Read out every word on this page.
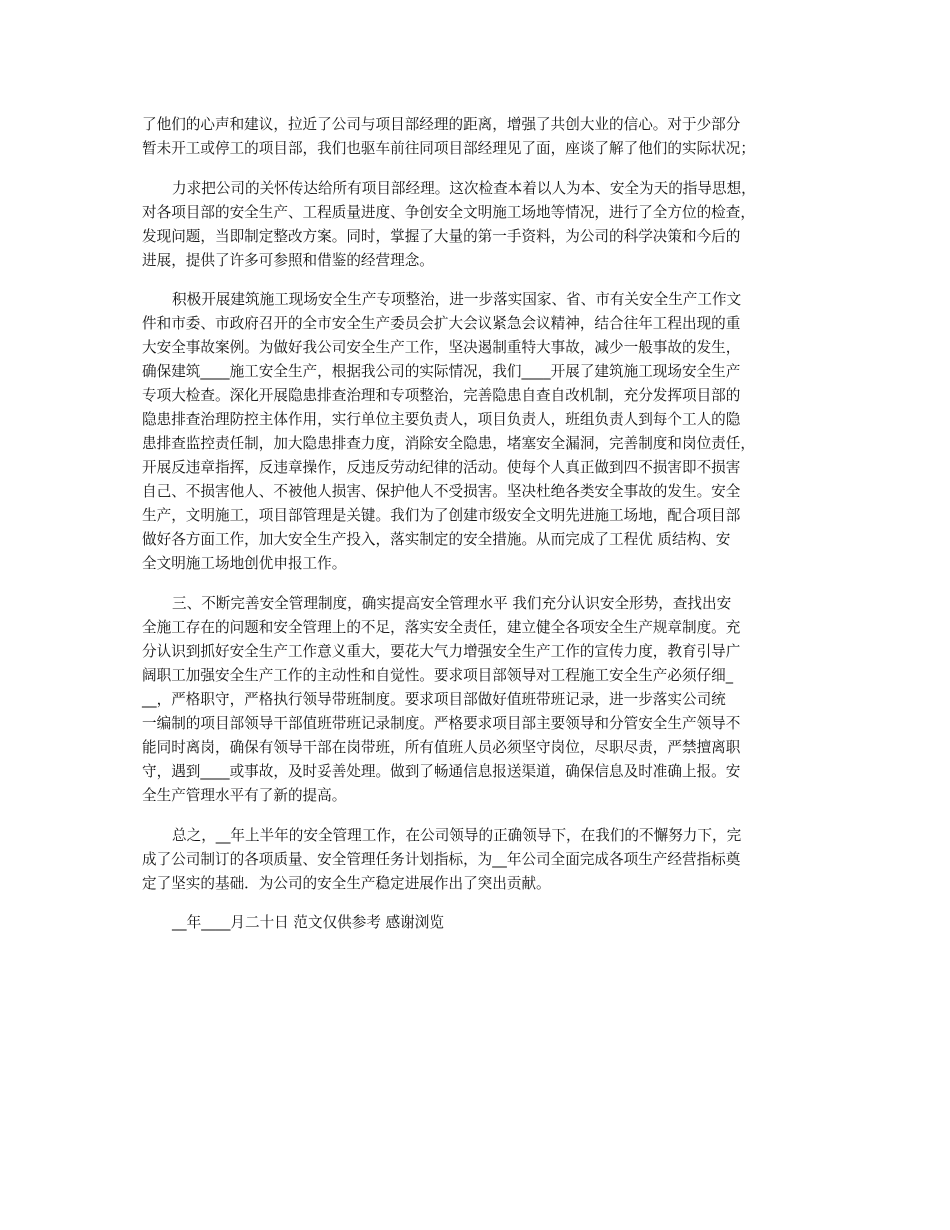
了他们的心声和建议，拉近了公司与项目部经理的距离，增强了共创大业的信心。对于少部分
暂未开工或停工的项目部，我们也驱车前往同项目部经理见了面，座谈了解了他们的实际状况；
力求把公司的关怀传达给所有项目部经理。这次检查本着以人为本、安全为天的指导思想，
对各项目部的安全生产、工程质量进度、争创安全文明施工场地等情况，进行了全方位的检查，
发现问题，当即制定整改方案。同时，掌握了大量的第一手资料，为公司的科学决策和今后的
进展，提供了许多可参照和借鉴的经营理念。
积极开展建筑施工现场安全生产专项整治，进一步落实国家、省、市有关安全生产工作文
件和市委、市政府召开的全市安全生产委员会扩大会议紧急会议精神，结合往年工程出现的重
大安全事故案例。为做好我公司安全生产工作，坚决遏制重特大事故，减少一般事故的发生，
确保建筑____施工安全生产，根据我公司的实际情况，我们____开展了建筑施工现场安全生产
专项大检查。深化开展隐患排查治理和专项整治，完善隐患自查自改机制，充分发挥项目部的
隐患排查治理防控主体作用，实行单位主要负责人，项目负责人，班组负责人到每个工人的隐
患排查监控责任制，加大隐患排查力度，消除安全隐患，堵塞安全漏洞，完善制度和岗位责任，
开展反违章指挥，反违章操作，反违反劳动纪律的活动。使每个人真正做到四不损害即不损害
自己、不损害他人、不被他人损害、保护他人不受损害。坚决杜绝各类安全事故的发生。安全
生产，文明施工，项目部管理是关键。我们为了创建市级安全文明先进施工场地，配合项目部
做好各方面工作，加大安全生产投入，落实制定的安全措施。从而完成了工程优 质结构、安
全文明施工场地创优申报工作。
三、不断完善安全管理制度，确实提高安全管理水平 我们充分认识安全形势，查找出安
全施工存在的问题和安全管理上的不足，落实安全责任，建立健全各项安全生产规章制度。充
分认识到抓好安全生产工作意义重大，要花大气力增强安全生产工作的宣传力度，教育引导广
阔职工加强安全生产工作的主动性和自觉性。要求项目部领导对工程施工安全生产必须仔细_
__，严格职守，严格执行领导带班制度。要求项目部做好值班带班记录，进一步落实公司统
一编制的项目部领导干部值班带班记录制度。严格要求项目部主要领导和分管安全生产领导不
能同时离岗，确保有领导干部在岗带班，所有值班人员必须坚守岗位，尽职尽责，严禁擅离职
守，遇到____或事故，及时妥善处理。做到了畅通信息报送渠道，确保信息及时准确上报。安
全生产管理水平有了新的提高。
总之，__年上半年的安全管理工作，在公司领导的正确领导下，在我们的不懈努力下，完
成了公司制订的各项质量、安全管理任务计划指标，为__年公司全面完成各项生产经营指标奠
定了坚实的基础．为公司的安全生产稳定进展作出了突出贡献。
__年____月二十日 范文仅供参考 感谢浏览
